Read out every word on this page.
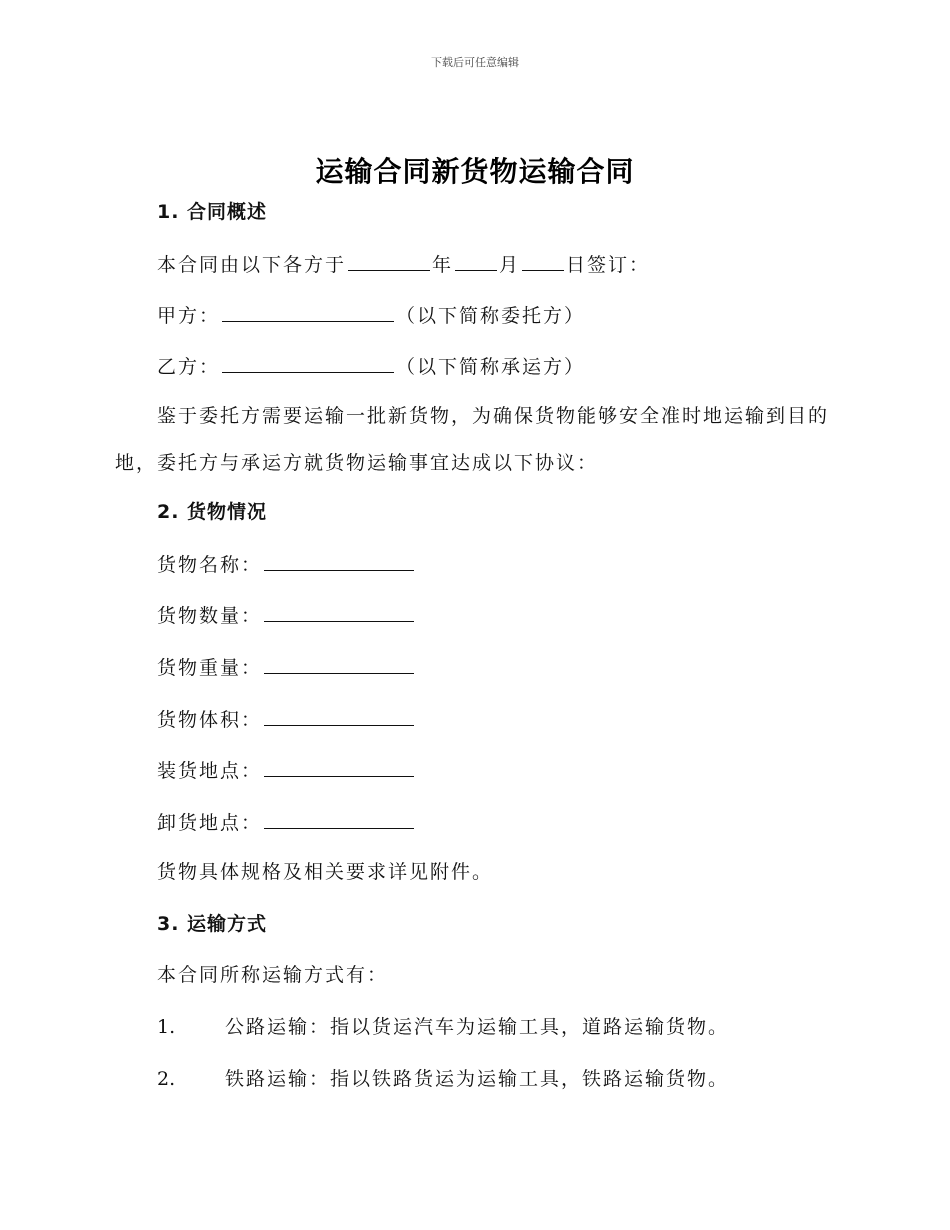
下载后可任意编辑
运输合同新货物运输合同
1. 合同概述
本合同由以下各方于	年 月 日签订：
甲方：	（以下简称委托方）
乙方：	（以下简称承运方）
鉴于委托方需要运输一批新货物，为确保货物能够安全准时地运输到目的地，委托方与承运方就货物运输事宜达成以下协议：
2. 货物情况
货物名称：
货物数量：
货物重量：
货物体积：
装货地点：
卸货地点：
货物具体规格及相关要求详见附件。
3. 运输方式
本合同所称运输方式有：
1.	公路运输：指以货运汽车为运输工具，道路运输货物。
2.	铁路运输：指以铁路货运为运输工具，铁路运输货物。
